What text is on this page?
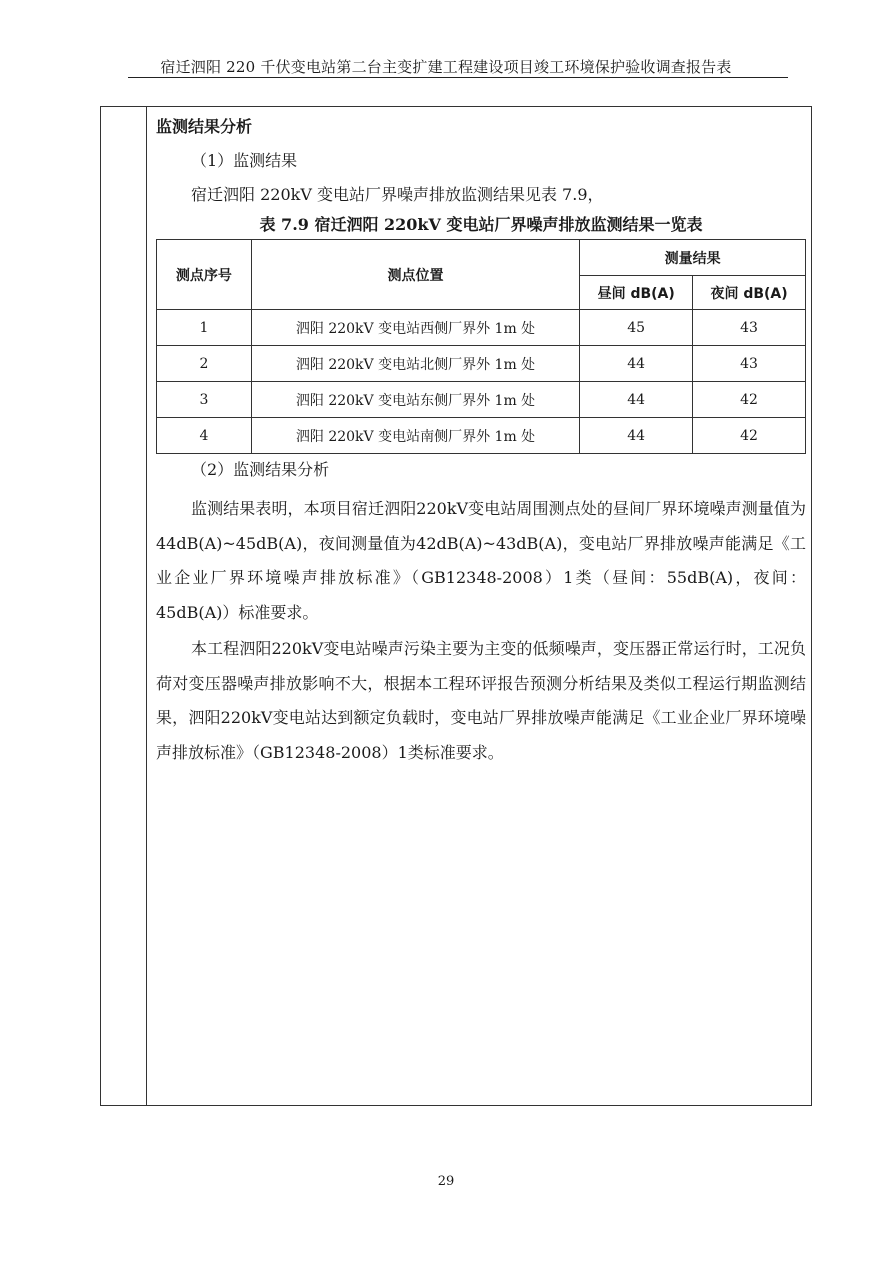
宿迁泗阳 220 千伏变电站第二台主变扩建工程建设项目竣工环境保护验收调查报告表
监测结果分析
（1）监测结果
宿迁泗阳 220kV 变电站厂界噪声排放监测结果见表 7.9，
表 7.9 宿迁泗阳 220kV 变电站厂界噪声排放监测结果一览表
测点序号	测点位置	测量结果	
		昼间 dB(A)	夜间 dB(A)
1	泗阳 220kV 变电站西侧厂界外 1m 处	45	43
2	泗阳 220kV 变电站北侧厂界外 1m 处	44	43
3	泗阳 220kV 变电站东侧厂界外 1m 处	44	42
4	泗阳 220kV 变电站南侧厂界外 1m 处	44	42
（2）监测结果分析

监测结果表明，本项目宿迁泗阳220kV变电站周围测点处的昼间厂界环境噪声测量值为44dB(A)~45dB(A)，夜间测量值为42dB(A)~43dB(A)，变电站厂界排放噪声能满足《工业企业厂界环境噪声排放标准》（GB12348-2008）1类（昼间：55dB(A)，夜间：45dB(A)）标准要求。

本工程泗阳220kV变电站噪声污染主要为主变的低频噪声，变压器正常运行时，工况负荷对变压器噪声排放影响不大，根据本工程环评报告预测分析结果及类似工程运行期监测结果，泗阳220kV变电站达到额定负载时，变电站厂界排放噪声能满足《工业企业厂界环境噪声排放标准》（GB12348-2008）1类标准要求。

29
